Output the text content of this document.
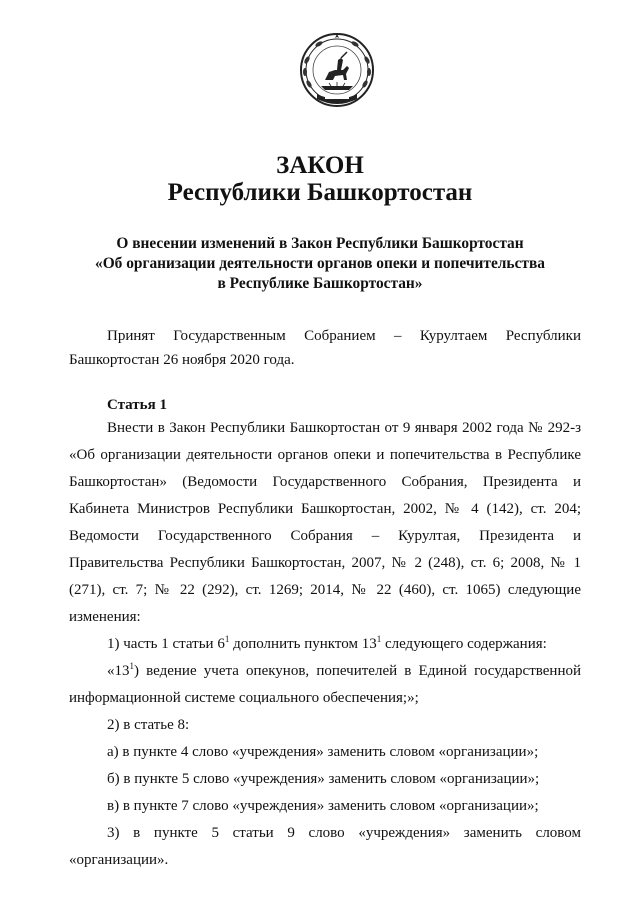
ЗАКОН
Республики Башкортостан
О внесении изменений в Закон Республики Башкортостан
«Об организации деятельности органов опеки и попечительства
в Республике Башкортостан»
Принят Государственным Собранием – Курултаем Республики
Башкортостан 26 ноября 2020 года.
Статья 1
Внести в Закон Республики Башкортостан от 9 января 2002 года № 292-з
«Об организации деятельности органов опеки и попечительства в Республике
Башкортостан» (Ведомости Государственного Собрания, Президента и
Кабинета Министров Республики Башкортостан, 2002, № 4 (142), ст. 204;
Ведомости Государственного Собрания – Курултая, Президента и
Правительства Республики Башкортостан, 2007, № 2 (248), ст. 6; 2008, № 1
(271), ст. 7; № 22 (292), ст. 1269; 2014, № 22 (460), ст. 1065) следующие
изменения:
1) часть 1 статьи $6^1$ дополнить пунктом $13^1$ следующего содержания:
«$13^1$) ведение учета опекунов, попечителей в Единой государственной
информационной системе социального обеспечения;»;
2) в статье 8:
а) в пункте 4 слово «учреждения» заменить словом «организации»;
б) в пункте 5 слово «учреждения» заменить словом «организации»;
в) в пункте 7 слово «учреждения» заменить словом «организации»;
3) в пункте 5 статьи 9 слово «учреждения» заменить словом
«организации».
